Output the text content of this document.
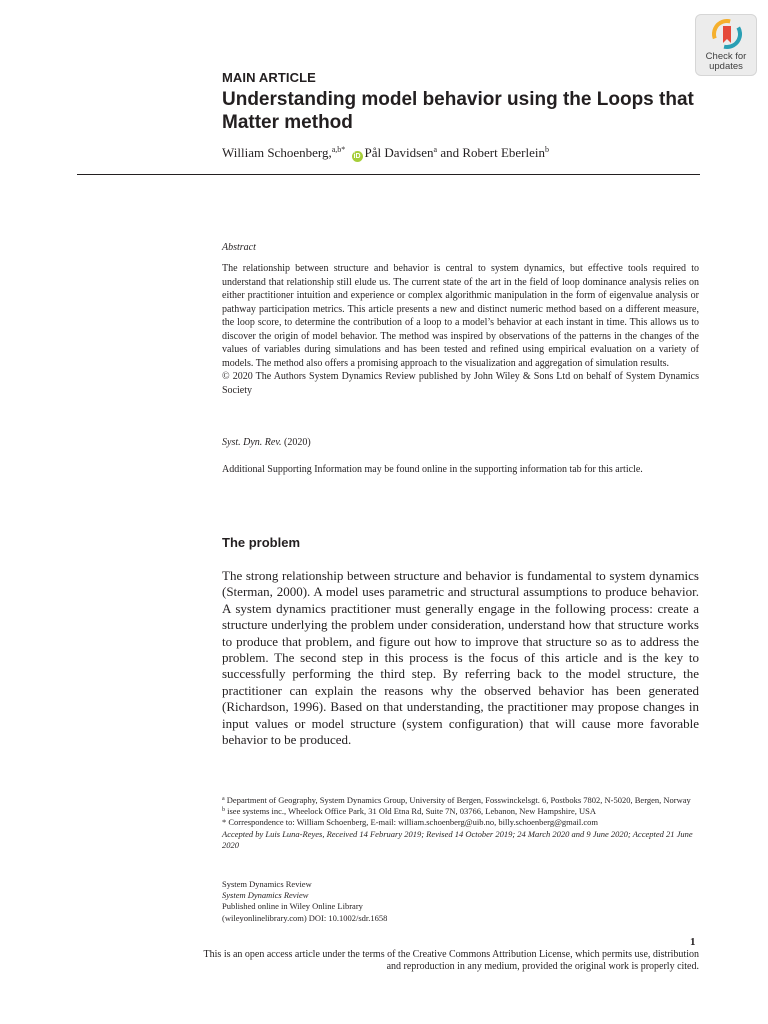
Check for
updates
MAIN ARTICLE
Understanding model behavior using the Loops that Matter method
William Schoenberg,$^{a,b*}$ iD Pål Davidsen$^a$ and Robert Eberlein$^b$
Abstract
The relationship between structure and behavior is central to system dynamics, but effective tools required to understand that relationship still elude us. The current state of the art in the field of loop dominance analysis relies on either practitioner intuition and experience or complex algorithmic manipulation in the form of eigenvalue analysis or pathway participation metrics. This article presents a new and distinct numeric method based on a different measure, the loop score, to determine the contribution of a loop to a model’s behavior at each instant in time. This allows us to discover the origin of model behavior. The method was inspired by observations of the patterns in the changes of the values of variables during simulations and has been tested and refined using empirical evaluation on a variety of models. The method also offers a promising approach to the visualization and aggregation of simulation results.

© 2020 The Authors System Dynamics Review published by John Wiley & Sons Ltd on behalf of System Dynamics Society

Syst. Dyn. Rev. (2020)
Additional Supporting Information may be found online in the supporting information tab for this article.
The problem
The strong relationship between structure and behavior is fundamental to system dynamics (Sterman, 2000). A model uses parametric and structural assumptions to produce behavior. A system dynamics practitioner must generally engage in the following process: create a structure underlying the problem under consideration, understand how that structure works to produce that problem, and figure out how to improve that structure so as to address the problem. The second step in this process is the focus of this article and is the key to successfully performing the third step. By referring back to the model structure, the practitioner can explain the reasons why the observed behavior has been generated (Richardson, 1996). Based on that understanding, the practitioner may propose changes in input values or model structure (system configuration) that will cause more favorable behavior to be produced.

$^a$ Department of Geography, System Dynamics Group, University of Bergen, Fosswinckelsgt. 6, Postboks 7802, N-5020, Bergen, Norway

$^b$ isee systems inc., Wheelock Office Park, 31 Old Etna Rd, Suite 7N, 03766, Lebanon, New Hampshire, USA

* Correspondence to: William Schoenberg, E-mail: william.schoenberg@uib.no, billy.schoenberg@gmail.com

Accepted by Luis Luna-Reyes, Received 14 February 2019; Revised 14 October 2019; 24 March 2020 and 9 June 2020; Accepted 21 June 2020

System Dynamics Review

System Dynamics Review

Published online in Wiley Online Library

(wileyonlinelibrary.com) DOI: 10.1002/sdr.1658

1

This is an open access article under the terms of the Creative Commons Attribution License, which permits use, distribution

and reproduction in any medium, provided the original work is properly cited.
